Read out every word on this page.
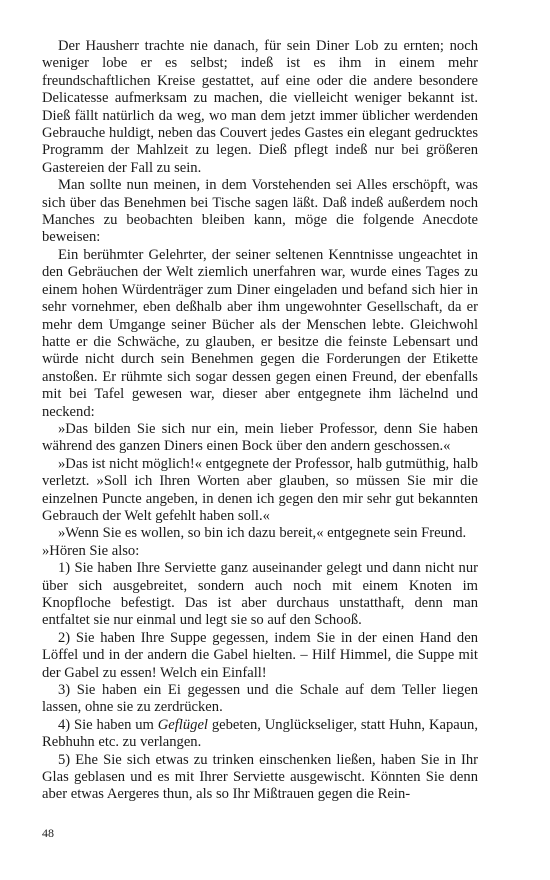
Der Hausherr trachte nie danach, für sein Diner Lob zu ernten; noch weniger lobe er es selbst; indeß ist es ihm in einem mehr freundschaftlichen Kreise gestattet, auf eine oder die andere besondere Delicatesse aufmerksam zu machen, die vielleicht weniger bekannt ist. Dieß fällt natürlich da weg, wo man dem jetzt immer üblicher werdenden Gebrauche huldigt, neben das Couvert jedes Gastes ein elegant gedrucktes Programm der Mahlzeit zu legen. Dieß pflegt indeß nur bei größeren Gastereien der Fall zu sein.

Man sollte nun meinen, in dem Vorstehenden sei Alles erschöpft, was sich über das Benehmen bei Tische sagen läßt. Daß indeß außerdem noch Manches zu beobachten bleiben kann, möge die folgende Anecdote beweisen:

Ein berühmter Gelehrter, der seiner seltenen Kenntnisse ungeachtet in den Gebräuchen der Welt ziemlich unerfahren war, wurde eines Tages zu einem hohen Würdenträger zum Diner eingeladen und befand sich hier in sehr vornehmer, eben deßhalb aber ihm ungewohnter Gesellschaft, da er mehr dem Umgange seiner Bücher als der Menschen lebte. Gleichwohl hatte er die Schwäche, zu glauben, er besitze die feinste Lebensart und würde nicht durch sein Benehmen gegen die Forderungen der Etikette anstoßen. Er rühmte sich sogar dessen gegen einen Freund, der ebenfalls mit bei Tafel gewesen war, dieser aber entgegnete ihm lächelnd und neckend:

»Das bilden Sie sich nur ein, mein lieber Professor, denn Sie haben während des ganzen Diners einen Bock über den andern geschossen.«

»Das ist nicht möglich!« entgegnete der Professor, halb gutmüthig, halb verletzt. »Soll ich Ihren Worten aber glauben, so müssen Sie mir die einzelnen Puncte angeben, in denen ich gegen den mir sehr gut bekannten Gebrauch der Welt gefehlt haben soll.«

»Wenn Sie es wollen, so bin ich dazu bereit,« entgegnete sein Freund.

»Hören Sie also:

1) Sie haben Ihre Serviette ganz auseinander gelegt und dann nicht nur über sich ausgebreitet, sondern auch noch mit einem Knoten im Knopfloche befestigt. Das ist aber durchaus unstatthaft, denn man entfaltet sie nur einmal und legt sie so auf den Schooß.

2) Sie haben Ihre Suppe gegessen, indem Sie in der einen Hand den Löffel und in der andern die Gabel hielten. – Hilf Himmel, die Suppe mit der Gabel zu essen! Welch ein Einfall!

3) Sie haben ein Ei gegessen und die Schale auf dem Teller liegen lassen, ohne sie zu zerdrücken.

4) Sie haben um Geflügel gebeten, Unglückseliger, statt Huhn, Kapaun, Rebhuhn etc. zu verlangen.

5) Ehe Sie sich etwas zu trinken einschenken ließen, haben Sie in Ihr Glas geblasen und es mit Ihrer Serviette ausgewischt. Könnten Sie denn aber etwas Aergeres thun, als so Ihr Mißtrauen gegen die Rein-

48
